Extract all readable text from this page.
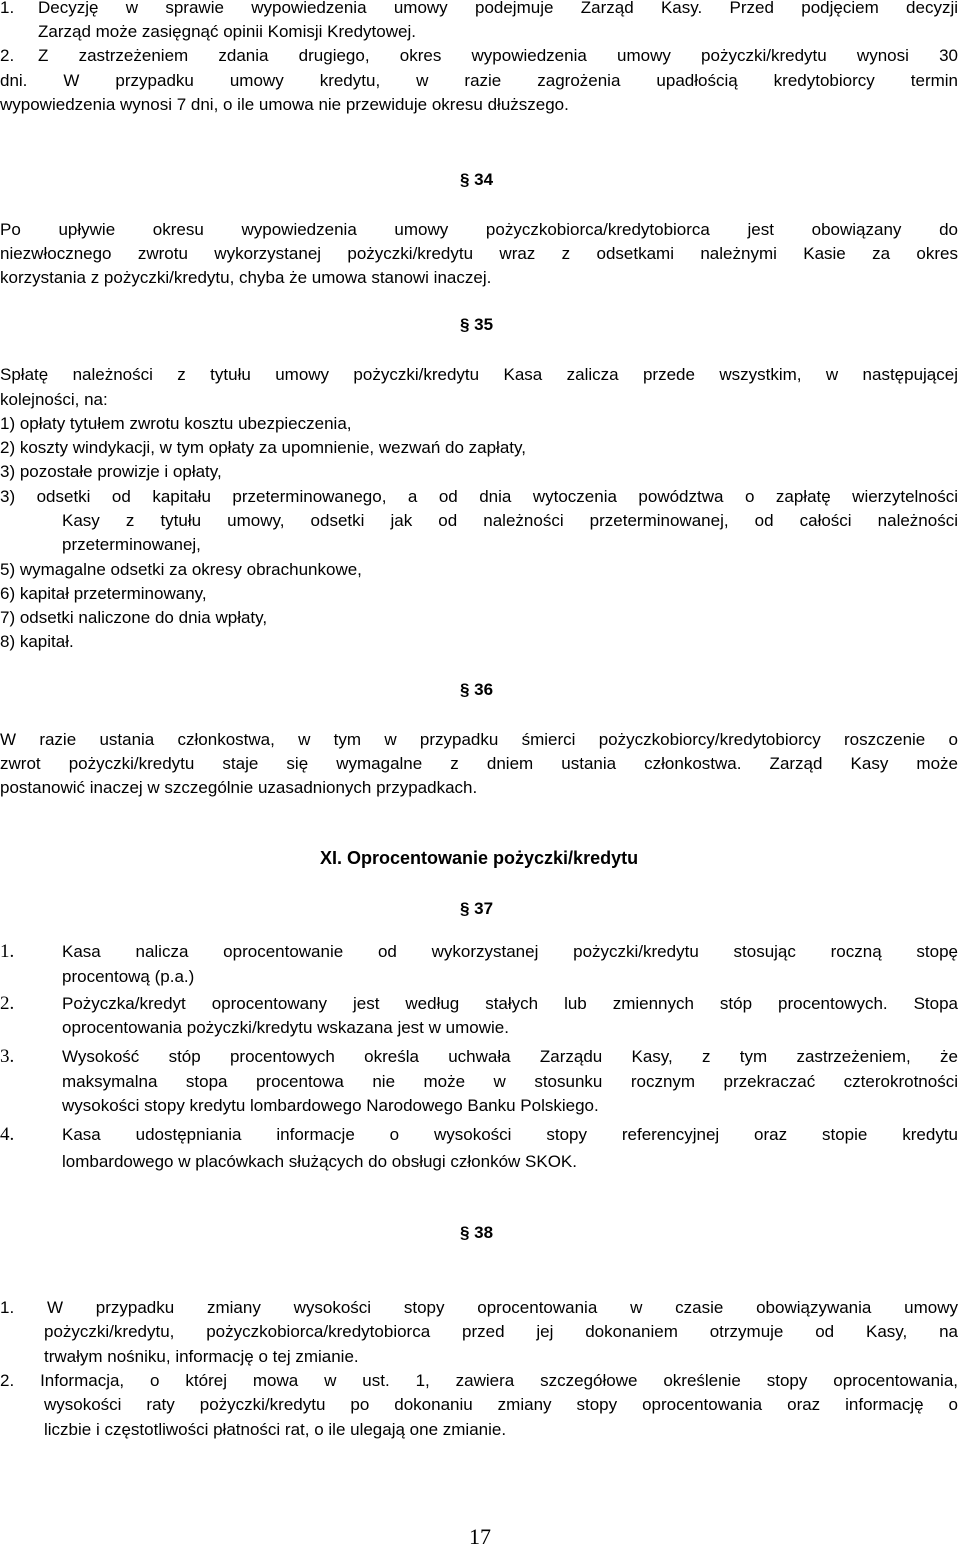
1. Decyzję w sprawie wypowiedzenia umowy podejmuje Zarząd Kasy. Przed podjęciem decyzji
Zarząd może zasięgnąć opinii Komisji Kredytowej.
2. Z zastrzeżeniem zdania drugiego, okres wypowiedzenia umowy pożyczki/kredytu wynosi 30
dni. W przypadku umowy kredytu, w razie zagrożenia upadłością kredytobiorcy termin
wypowiedzenia wynosi 7 dni, o ile umowa nie przewiduje okresu dłuższego.
§ 34
Po upływie okresu wypowiedzenia umowy pożyczkobiorca/kredytobiorca jest obowiązany do
niezwłocznego zwrotu wykorzystanej pożyczki/kredytu wraz z odsetkami należnymi Kasie za okres
korzystania z pożyczki/kredytu, chyba że umowa stanowi inaczej.
§ 35
Spłatę należności z tytułu umowy pożyczki/kredytu Kasa zalicza przede wszystkim, w następującej
kolejności, na:
1) opłaty tytułem zwrotu kosztu ubezpieczenia,
2) koszty windykacji, w tym opłaty za upomnienie, wezwań do zapłaty,
3) pozostałe prowizje i opłaty,
3) odsetki od kapitału przeterminowanego, a od dnia wytoczenia powództwa o zapłatę wierzytelności
Kasy z tytułu umowy, odsetki jak od należności przeterminowanej, od całości należności
przeterminowanej,
5) wymagalne odsetki za okresy obrachunkowe,
6) kapitał przeterminowany,
7) odsetki naliczone do dnia wpłaty,
8) kapitał.
§ 36
W razie ustania członkostwa, w tym w przypadku śmierci pożyczkobiorcy/kredytobiorcy roszczenie o
zwrot pożyczki/kredytu staje się wymagalne z dniem ustania członkostwa. Zarząd Kasy może
postanowić inaczej w szczególnie uzasadnionych przypadkach.
XI. Oprocentowanie pożyczki/kredytu
§ 37
1.	Kasa nalicza oprocentowanie od wykorzystanej pożyczki/kredytu stosując roczną stopę
procentową (p.a.)
2.	Pożyczka/kredyt oprocentowany jest według stałych lub zmiennych stóp procentowych. Stopa
oprocentowania pożyczki/kredytu wskazana jest w umowie.
3.	Wysokość stóp procentowych określa uchwała Zarządu Kasy, z tym zastrzeżeniem, że
maksymalna stopa procentowa nie może w stosunku rocznym przekraczać czterokrotności
wysokości stopy kredytu lombardowego Narodowego Banku Polskiego.
4.	Kasa udostępniania informacje o wysokości stopy referencyjnej oraz stopie kredytu
lombardowego w placówkach służących do obsługi członków SKOK.
§ 38
1. W przypadku zmiany wysokości stopy oprocentowania w czasie obowiązywania umowy
pożyczki/kredytu, pożyczkobiorca/kredytobiorca przed jej dokonaniem otrzymuje od Kasy, na
trwałym nośniku, informację o tej zmianie.
2. Informacja, o której mowa w ust. 1, zawiera szczegółowe określenie stopy oprocentowania,
wysokości raty pożyczki/kredytu po dokonaniu zmiany stopy oprocentowania oraz informację o
liczbie i częstotliwości płatności rat, o ile ulegają one zmianie.
17
